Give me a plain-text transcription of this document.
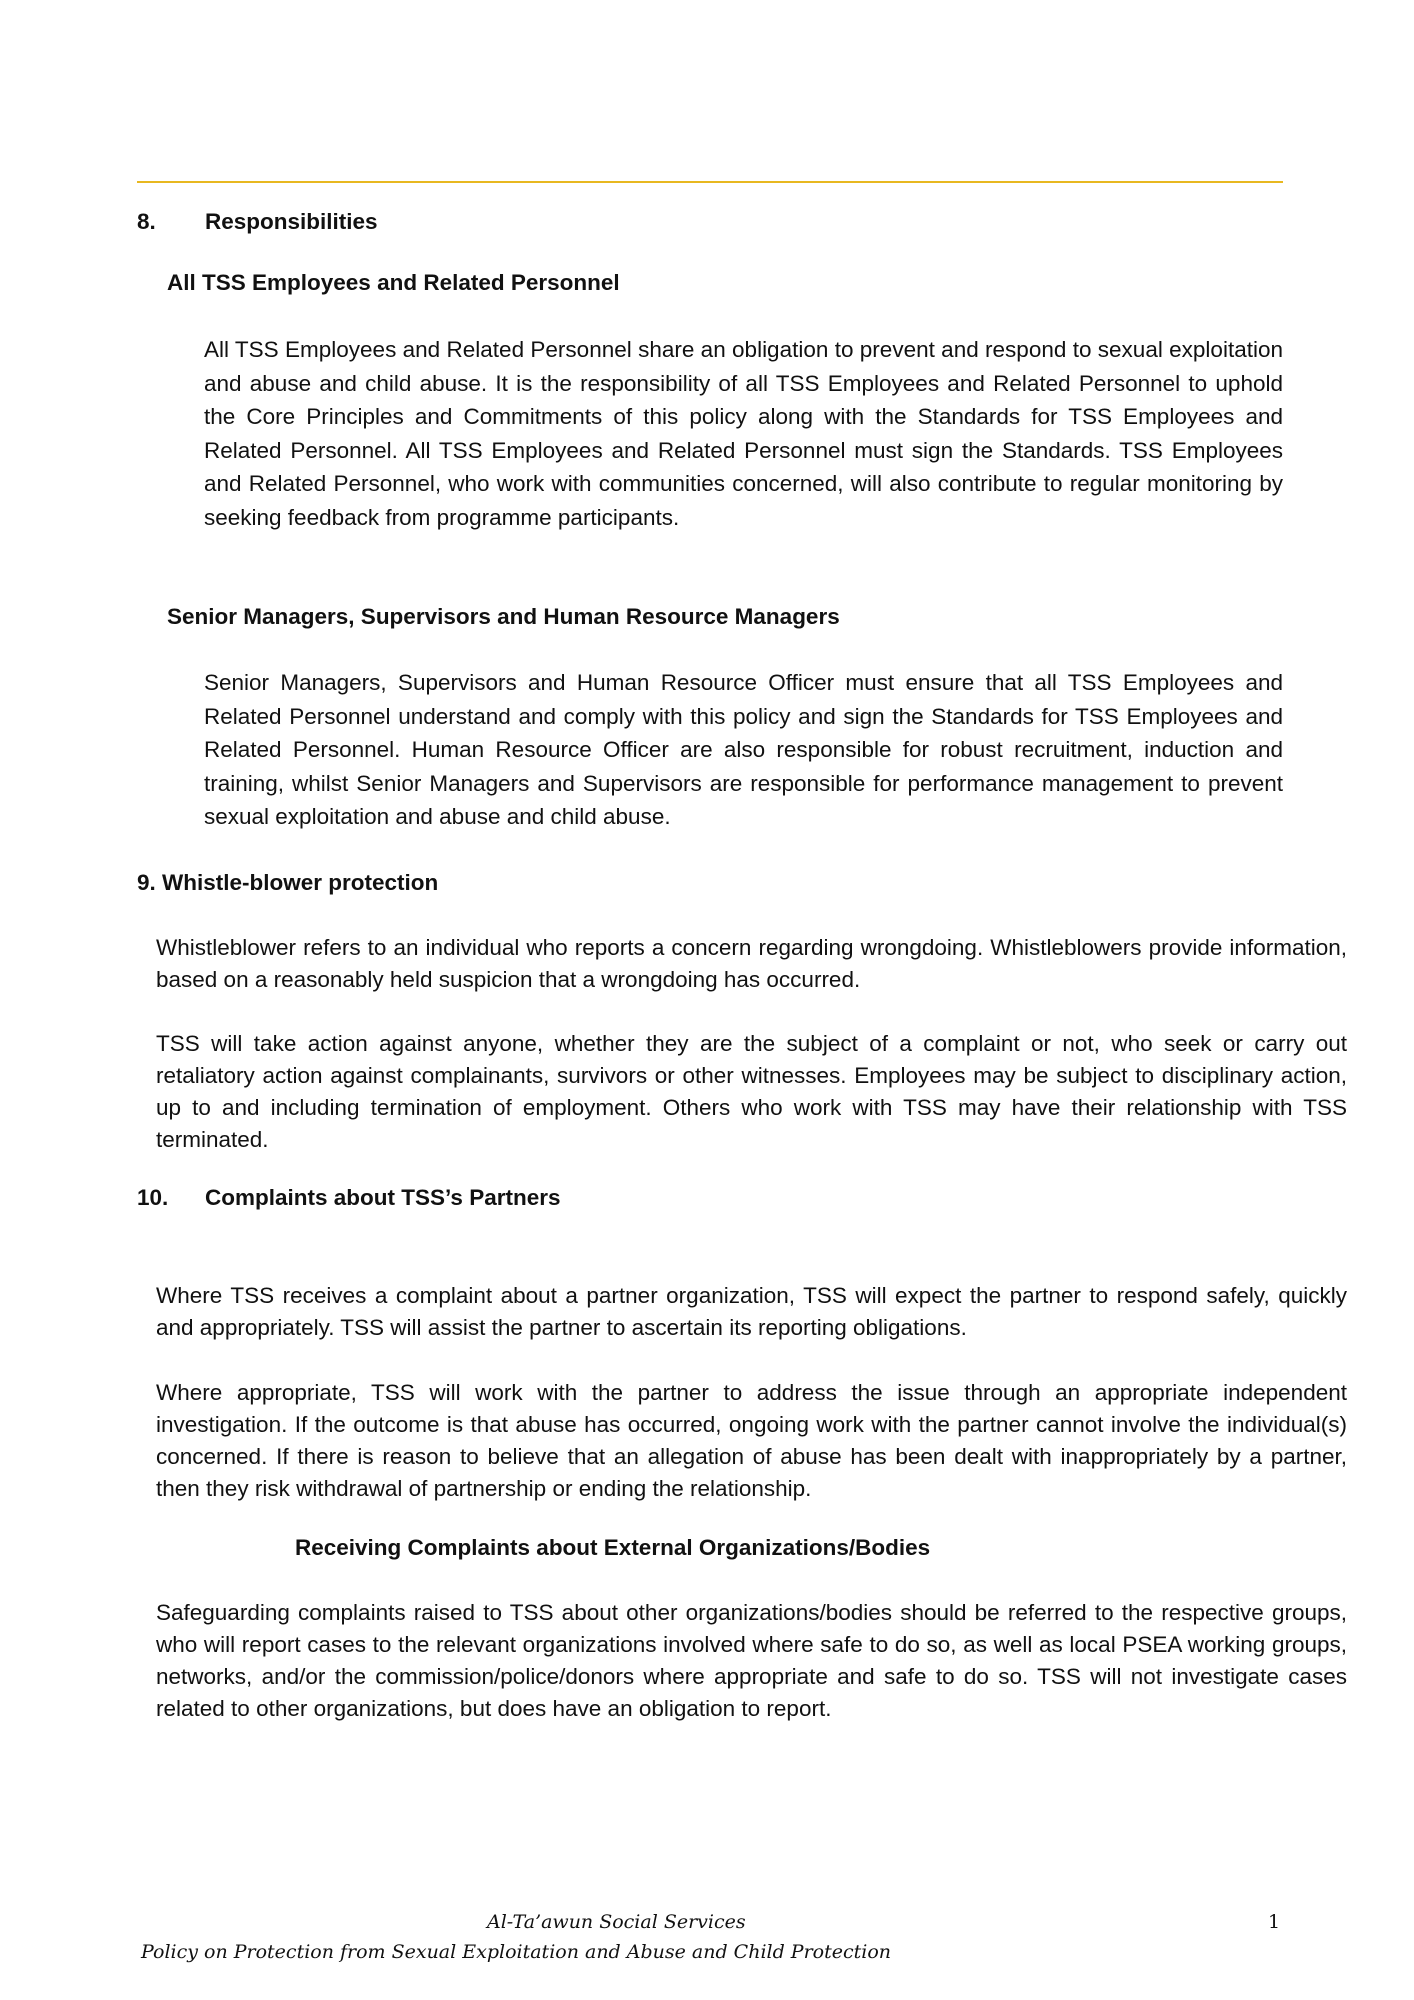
8. Responsibilities
All TSS Employees and Related Personnel
All TSS Employees and Related Personnel share an obligation to prevent and respond to sexual exploitation and abuse and child abuse. It is the responsibility of all TSS Employees and Related Personnel to uphold the Core Principles and Commitments of this policy along with the Standards for TSS Employees and Related Personnel. All TSS Employees and Related Personnel must sign the Standards. TSS Employees and Related Personnel, who work with communities concerned, will also contribute to regular monitoring by seeking feedback from programme participants.
Senior Managers, Supervisors and Human Resource Managers
Senior Managers, Supervisors and Human Resource Officer must ensure that all TSS Employees and Related Personnel understand and comply with this policy and sign the Standards for TSS Employees and Related Personnel. Human Resource Officer are also responsible for robust recruitment, induction and training, whilst Senior Managers and Supervisors are responsible for performance management to prevent sexual exploitation and abuse and child abuse.
9. Whistle-blower protection
Whistleblower refers to an individual who reports a concern regarding wrongdoing. Whistleblowers provide information, based on a reasonably held suspicion that a wrongdoing has occurred.
TSS will take action against anyone, whether they are the subject of a complaint or not, who seek or carry out retaliatory action against complainants, survivors or other witnesses. Employees may be subject to disciplinary action, up to and including termination of employment. Others who work with TSS may have their relationship with TSS terminated.
10. Complaints about TSS’s Partners
Where TSS receives a complaint about a partner organization, TSS will expect the partner to respond safely, quickly and appropriately. TSS will assist the partner to ascertain its reporting obligations.
Where appropriate, TSS will work with the partner to address the issue through an appropriate independent investigation. If the outcome is that abuse has occurred, ongoing work with the partner cannot involve the individual(s) concerned. If there is reason to believe that an allegation of abuse has been dealt with inappropriately by a partner, then they risk withdrawal of partnership or ending the relationship.
Receiving Complaints about External Organizations/Bodies
Safeguarding complaints raised to TSS about other organizations/bodies should be referred to the respective groups, who will report cases to the relevant organizations involved where safe to do so, as well as local PSEA working groups, networks, and/or the commission/police/donors where appropriate and safe to do so. TSS will not investigate cases related to other organizations, but does have an obligation to report.
Al-Ta’awun Social Services	1
Policy on Protection from Sexual Exploitation and Abuse and Child Protection
